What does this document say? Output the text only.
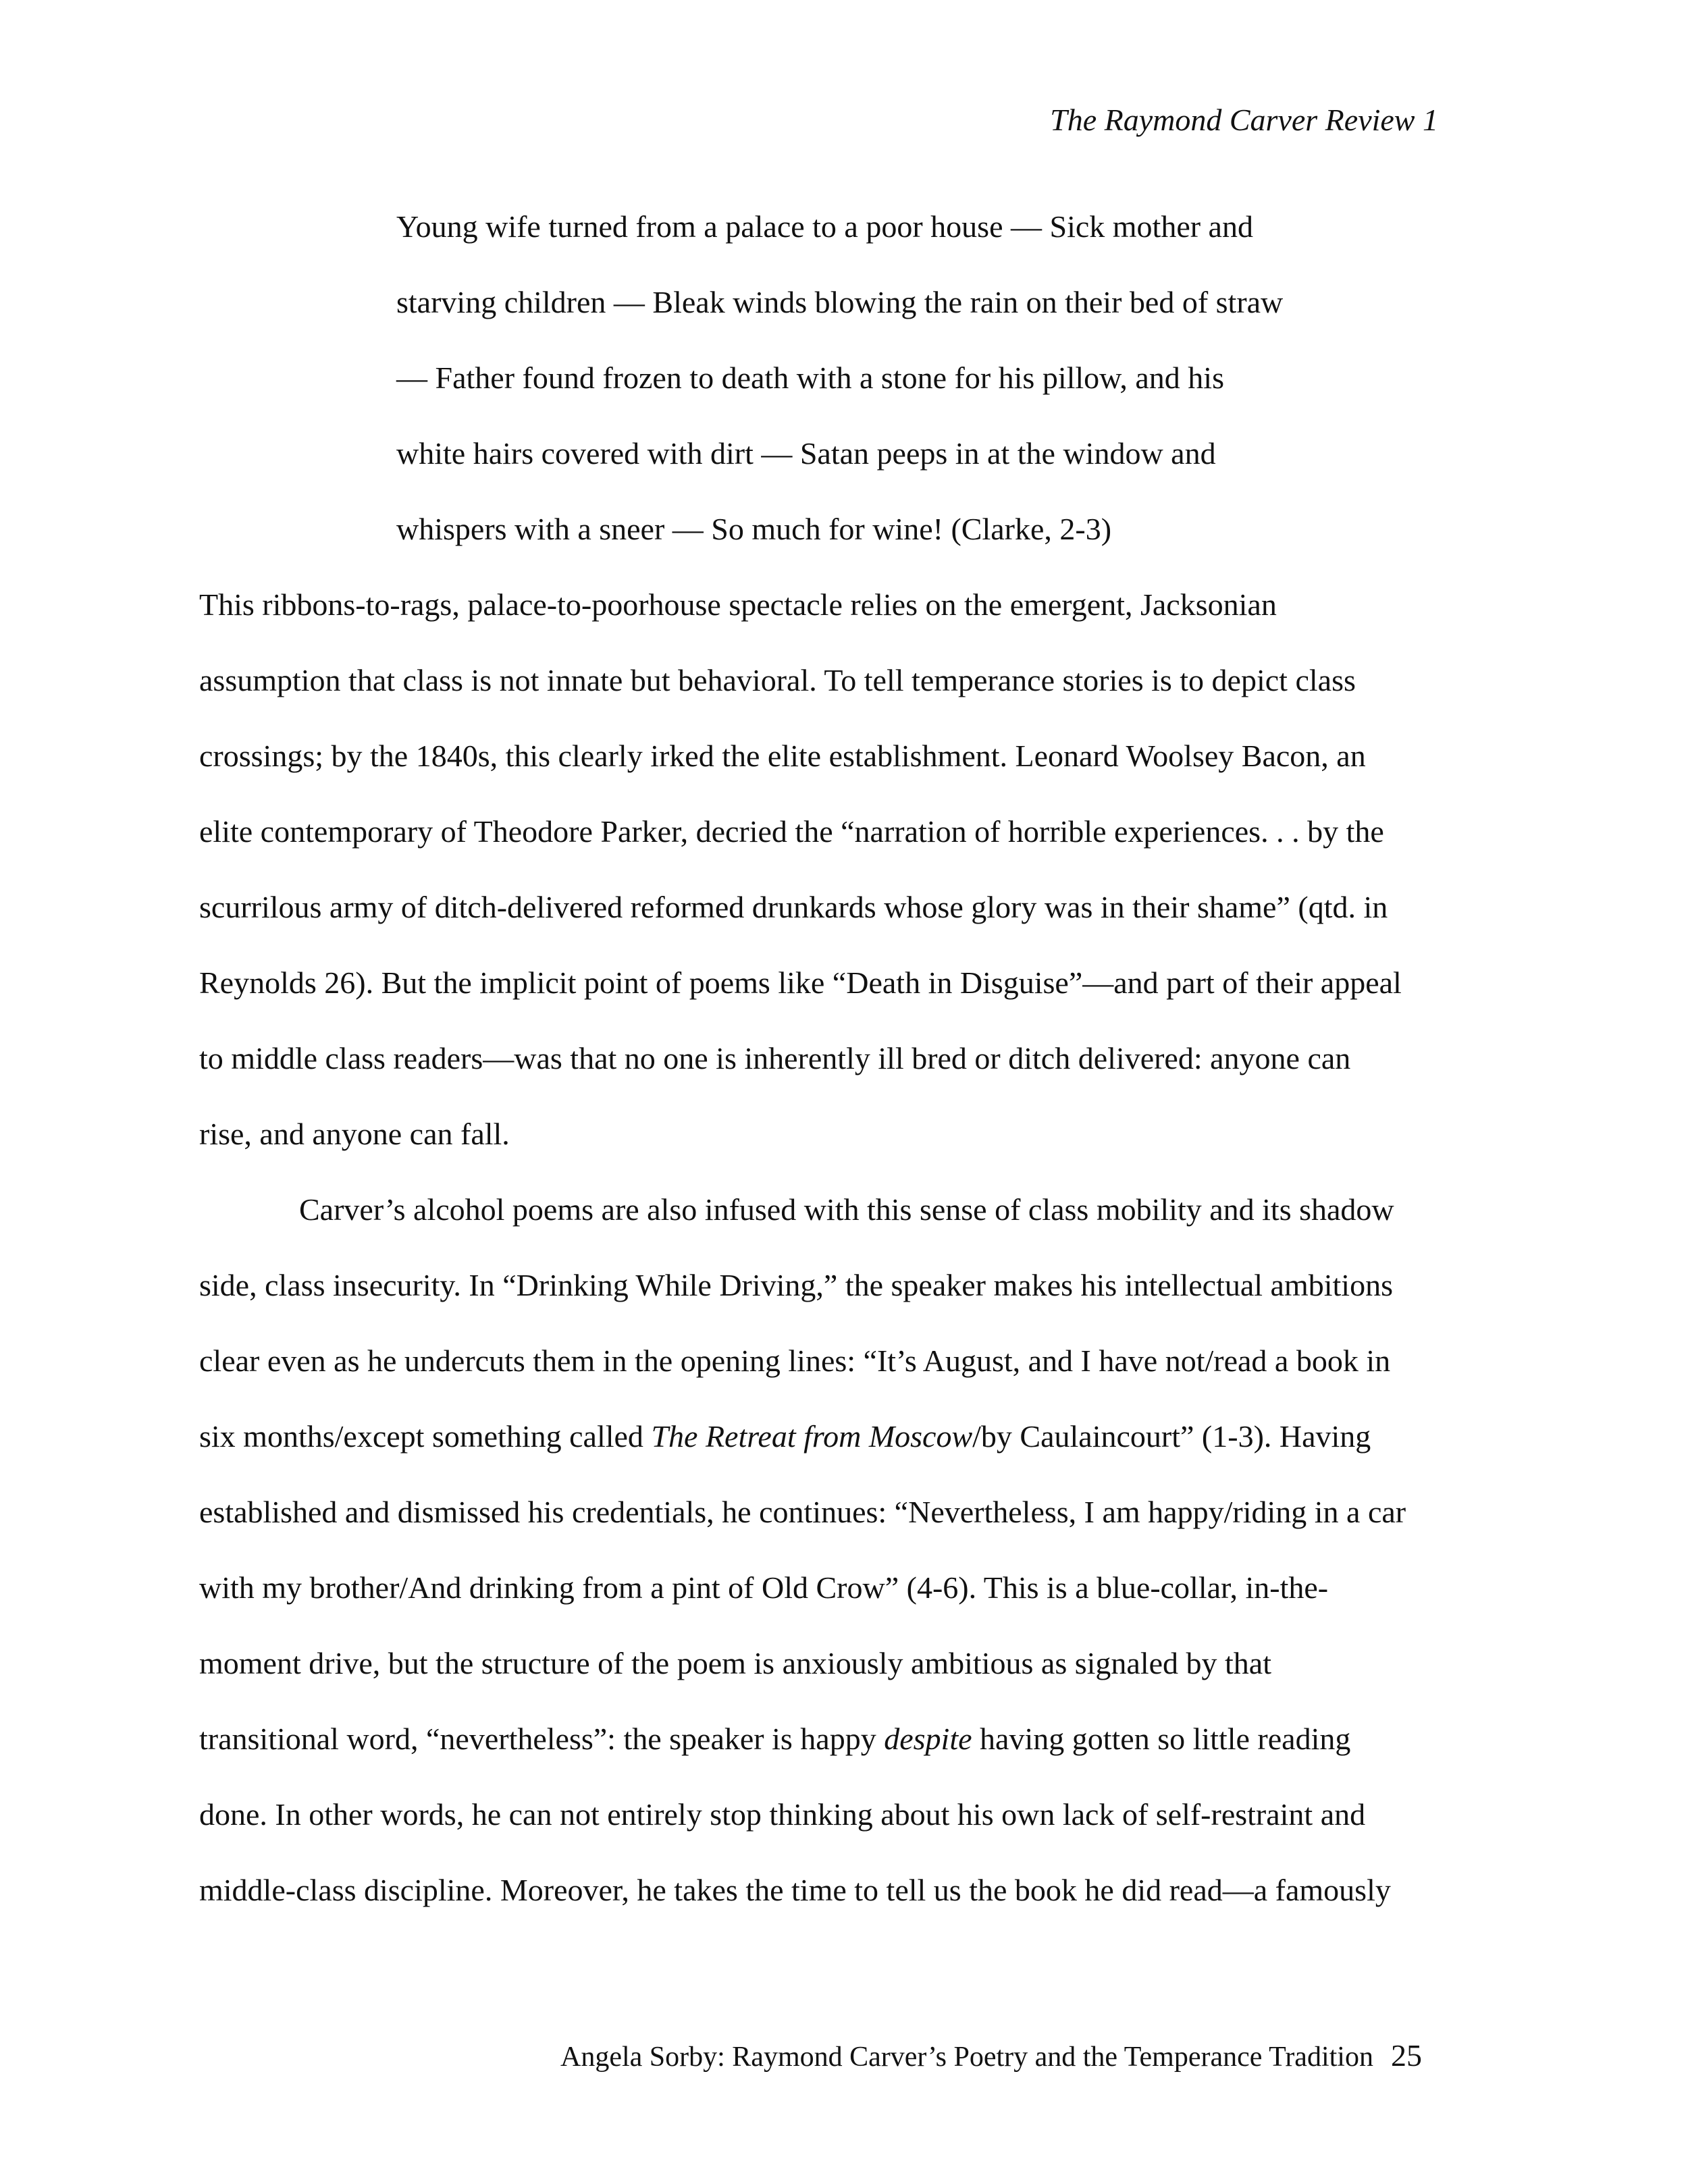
The Raymond Carver Review 1
Young wife turned from a palace to a poor house — Sick mother and
starving children — Bleak winds blowing the rain on their bed of straw
— Father found frozen to death with a stone for his pillow, and his
white hairs covered with dirt — Satan peeps in at the window and
whispers with a sneer — So much for wine! (Clarke, 2-3)
This ribbons-to-rags, palace-to-poorhouse spectacle relies on the emergent, Jacksonian
assumption that class is not innate but behavioral. To tell temperance stories is to depict class
crossings; by the 1840s, this clearly irked the elite establishment. Leonard Woolsey Bacon, an
elite contemporary of Theodore Parker, decried the “narration of horrible experiences. . . by the
scurrilous army of ditch-delivered reformed drunkards whose glory was in their shame” (qtd. in
Reynolds 26). But the implicit point of poems like “Death in Disguise”—and part of their appeal
to middle class readers—was that no one is inherently ill bred or ditch delivered: anyone can
rise, and anyone can fall.
Carver’s alcohol poems are also infused with this sense of class mobility and its shadow
side, class insecurity. In “Drinking While Driving,” the speaker makes his intellectual ambitions
clear even as he undercuts them in the opening lines: “It’s August, and I have not/read a book in
six months/except something called The Retreat from Moscow/by Caulaincourt” (1-3). Having
established and dismissed his credentials, he continues: “Nevertheless, I am happy/riding in a car
with my brother/And drinking from a pint of Old Crow” (4-6). This is a blue-collar, in-the-
moment drive, but the structure of the poem is anxiously ambitious as signaled by that
transitional word, “nevertheless”: the speaker is happy despite having gotten so little reading
done. In other words, he can not entirely stop thinking about his own lack of self-restraint and
middle-class discipline. Moreover, he takes the time to tell us the book he did read—a famously
Angela Sorby: Raymond Carver’s Poetry and the Temperance Tradition 25
